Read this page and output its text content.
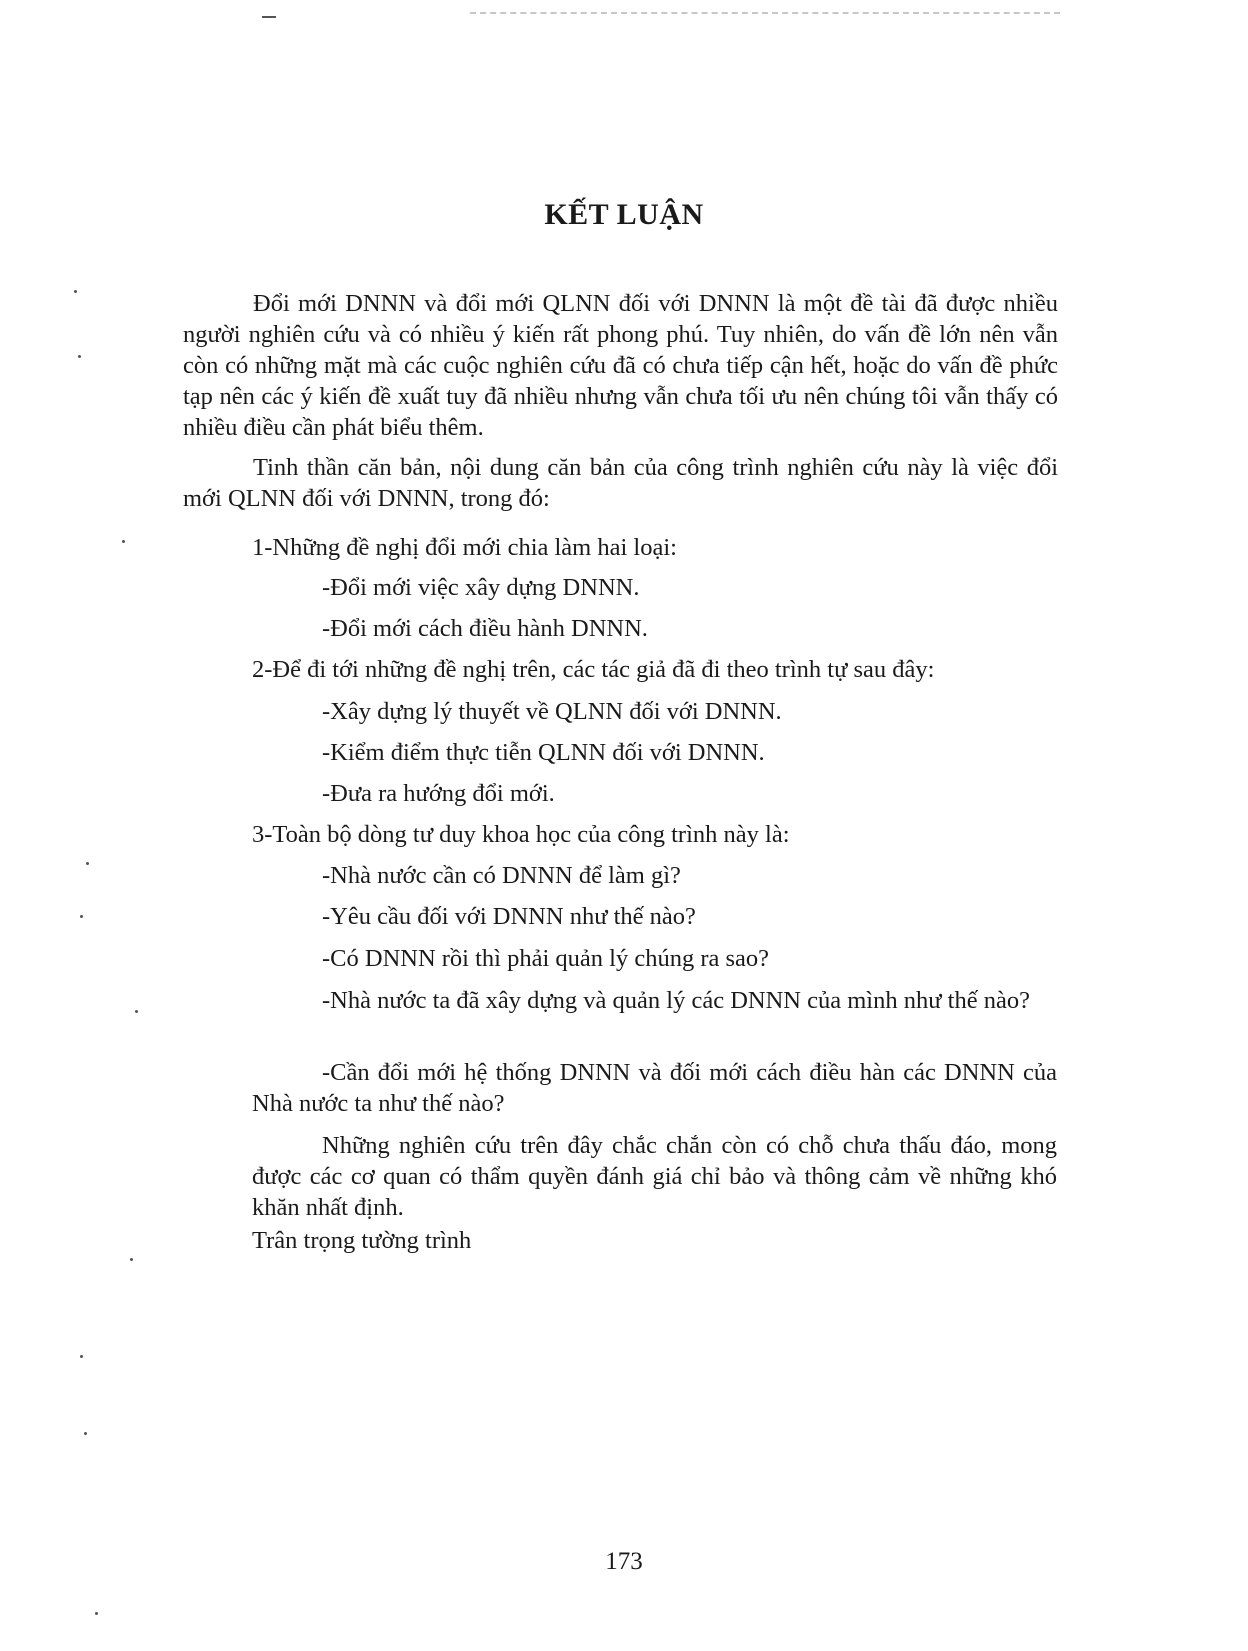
KẾT LUẬN

Đổi mới DNNN và đổi mới QLNN đối với DNNN là một đề tài đã được nhiều người nghiên cứu và có nhiều ý kiến rất phong phú. Tuy nhiên, do vấn đề lớn nên vẫn còn có những mặt mà các cuộc nghiên cứu đã có chưa tiếp cận hết, hoặc do vấn đề phức tạp nên các ý kiến đề xuất tuy đã nhiều nhưng vẫn chưa tối ưu nên chúng tôi vẫn thấy có nhiều điều cần phát biểu thêm.

Tinh thần căn bản, nội dung căn bản của công trình nghiên cứu này là việc đổi mới QLNN đối với DNNN, trong đó:

1-Những đề nghị đổi mới chia làm hai loại:

-Đổi mới việc xây dựng DNNN.

-Đổi mới cách điều hành DNNN.

2-Để đi tới những đề nghị trên, các tác giả đã đi theo trình tự sau đây:

-Xây dựng lý thuyết về QLNN đối với DNNN.

-Kiểm điểm thực tiễn QLNN đối với DNNN.

-Đưa ra hướng đổi mới.

3-Toàn bộ dòng tư duy khoa học của công trình này là:

-Nhà nước cần có DNNN để làm gì?

-Yêu cầu đối với DNNN như thế nào?

-Có DNNN rồi thì phải quản lý chúng ra sao?

-Nhà nước ta đã xây dựng và quản lý các DNNN của mình như thế nào?

-Cần đổi mới hệ thống DNNN và đối mới cách điều hàn các DNNN của Nhà nước ta như thế nào?

Những nghiên cứu trên đây chắc chắn còn có chỗ chưa thấu đáo, mong được các cơ quan có thẩm quyền đánh giá chỉ bảo và thông cảm về những khó khăn nhất định.

Trân trọng tường trình

173
